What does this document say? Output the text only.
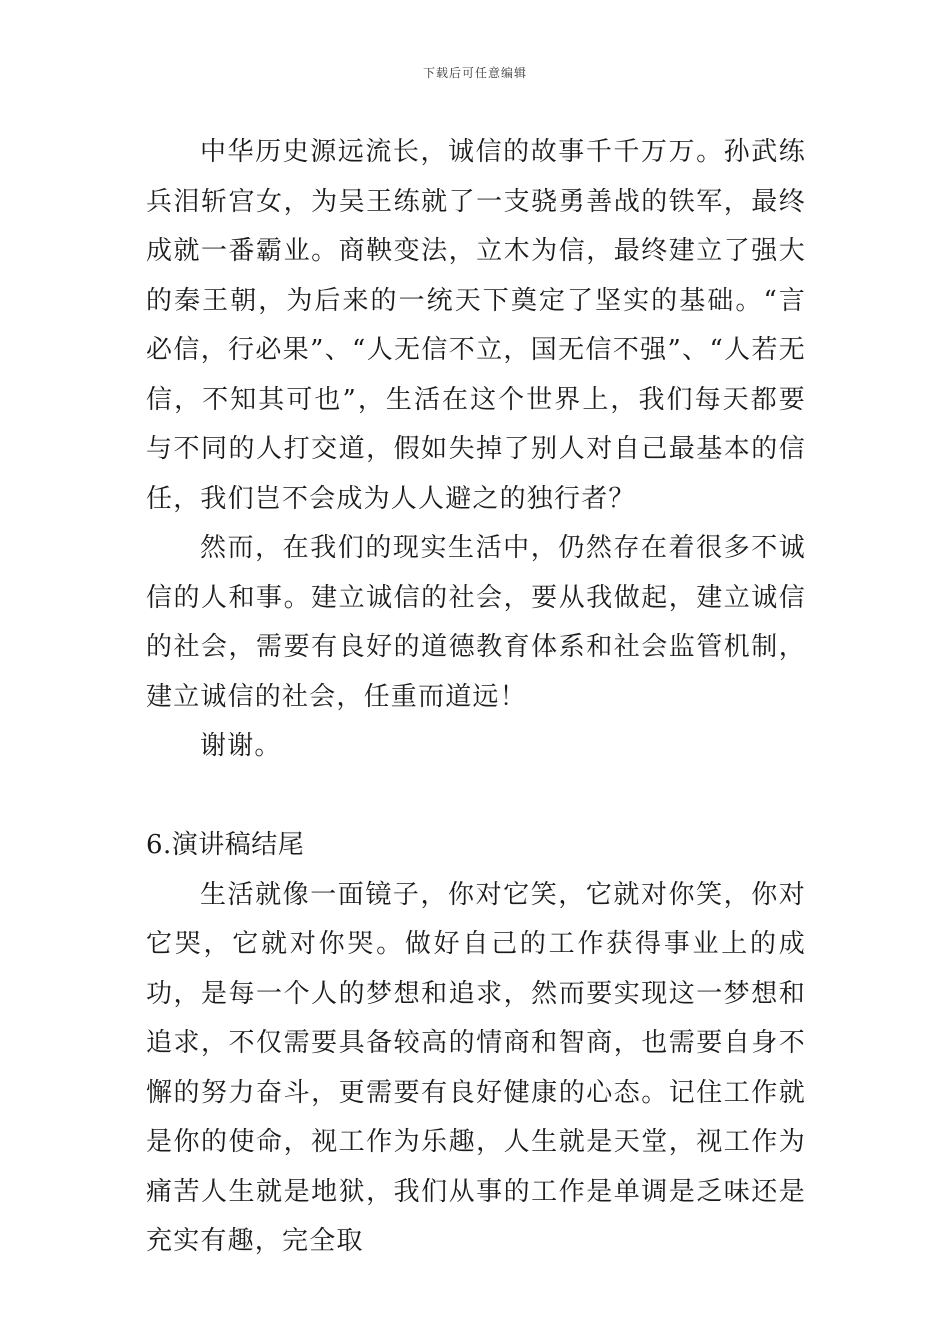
下载后可任意编辑

中华历史源远流长，诚信的故事千千万万。孙武练兵泪斩宫女，为吴王练就了一支骁勇善战的铁军，最终成就一番霸业。商鞅变法，立木为信，最终建立了强大的秦王朝，为后来的一统天下奠定了坚实的基础。“言必信，行必果”、“人无信不立，国无信不强”、“人若无信，不知其可也”，生活在这个世界上，我们每天都要与不同的人打交道，假如失掉了别人对自己最基本的信任，我们岂不会成为人人避之的独行者？

然而，在我们的现实生活中，仍然存在着很多不诚信的人和事。建立诚信的社会，要从我做起，建立诚信的社会，需要有良好的道德教育体系和社会监管机制，建立诚信的社会，任重而道远！

谢谢。

6.演讲稿结尾

生活就像一面镜子，你对它笑，它就对你笑，你对它哭，它就对你哭。做好自己的工作获得事业上的成功，是每一个人的梦想和追求，然而要实现这一梦想和追求，不仅需要具备较高的情商和智商，也需要自身不懈的努力奋斗，更需要有良好健康的心态。记住工作就是你的使命，视工作为乐趣，人生就是天堂，视工作为痛苦人生就是地狱，我们从事的工作是单调是乏味还是充实有趣，完全取
